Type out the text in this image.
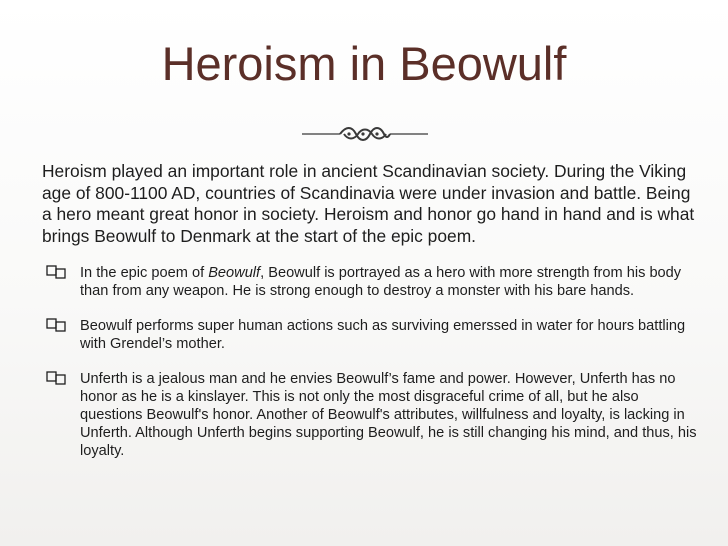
Heroism in Beowulf

Heroism played an important role in ancient Scandinavian society. During the Viking age of 800-1100 AD, countries of Scandinavia were under invasion and battle. Being a hero meant great honor in society. Heroism and honor go hand in hand and is what brings Beowulf to Denmark at the start of the epic poem.

In the epic poem of Beowulf, Beowulf is portrayed as a hero with more strength from his body than from any weapon. He is strong enough to destroy a monster with his bare hands.
Beowulf performs super human actions such as surviving emerssed in water for hours battling with Grendel’s mother.
Unferth is a jealous man and he envies Beowulf’s fame and power. However, Unferth has no honor as he is a kinslayer. This is not only the most disgraceful crime of all, but he also questions Beowulf's honor. Another of Beowulf's attributes, willfulness and loyalty, is lacking in Unferth. Although Unferth begins supporting Beowulf, he is still changing his mind, and thus, his loyalty.
